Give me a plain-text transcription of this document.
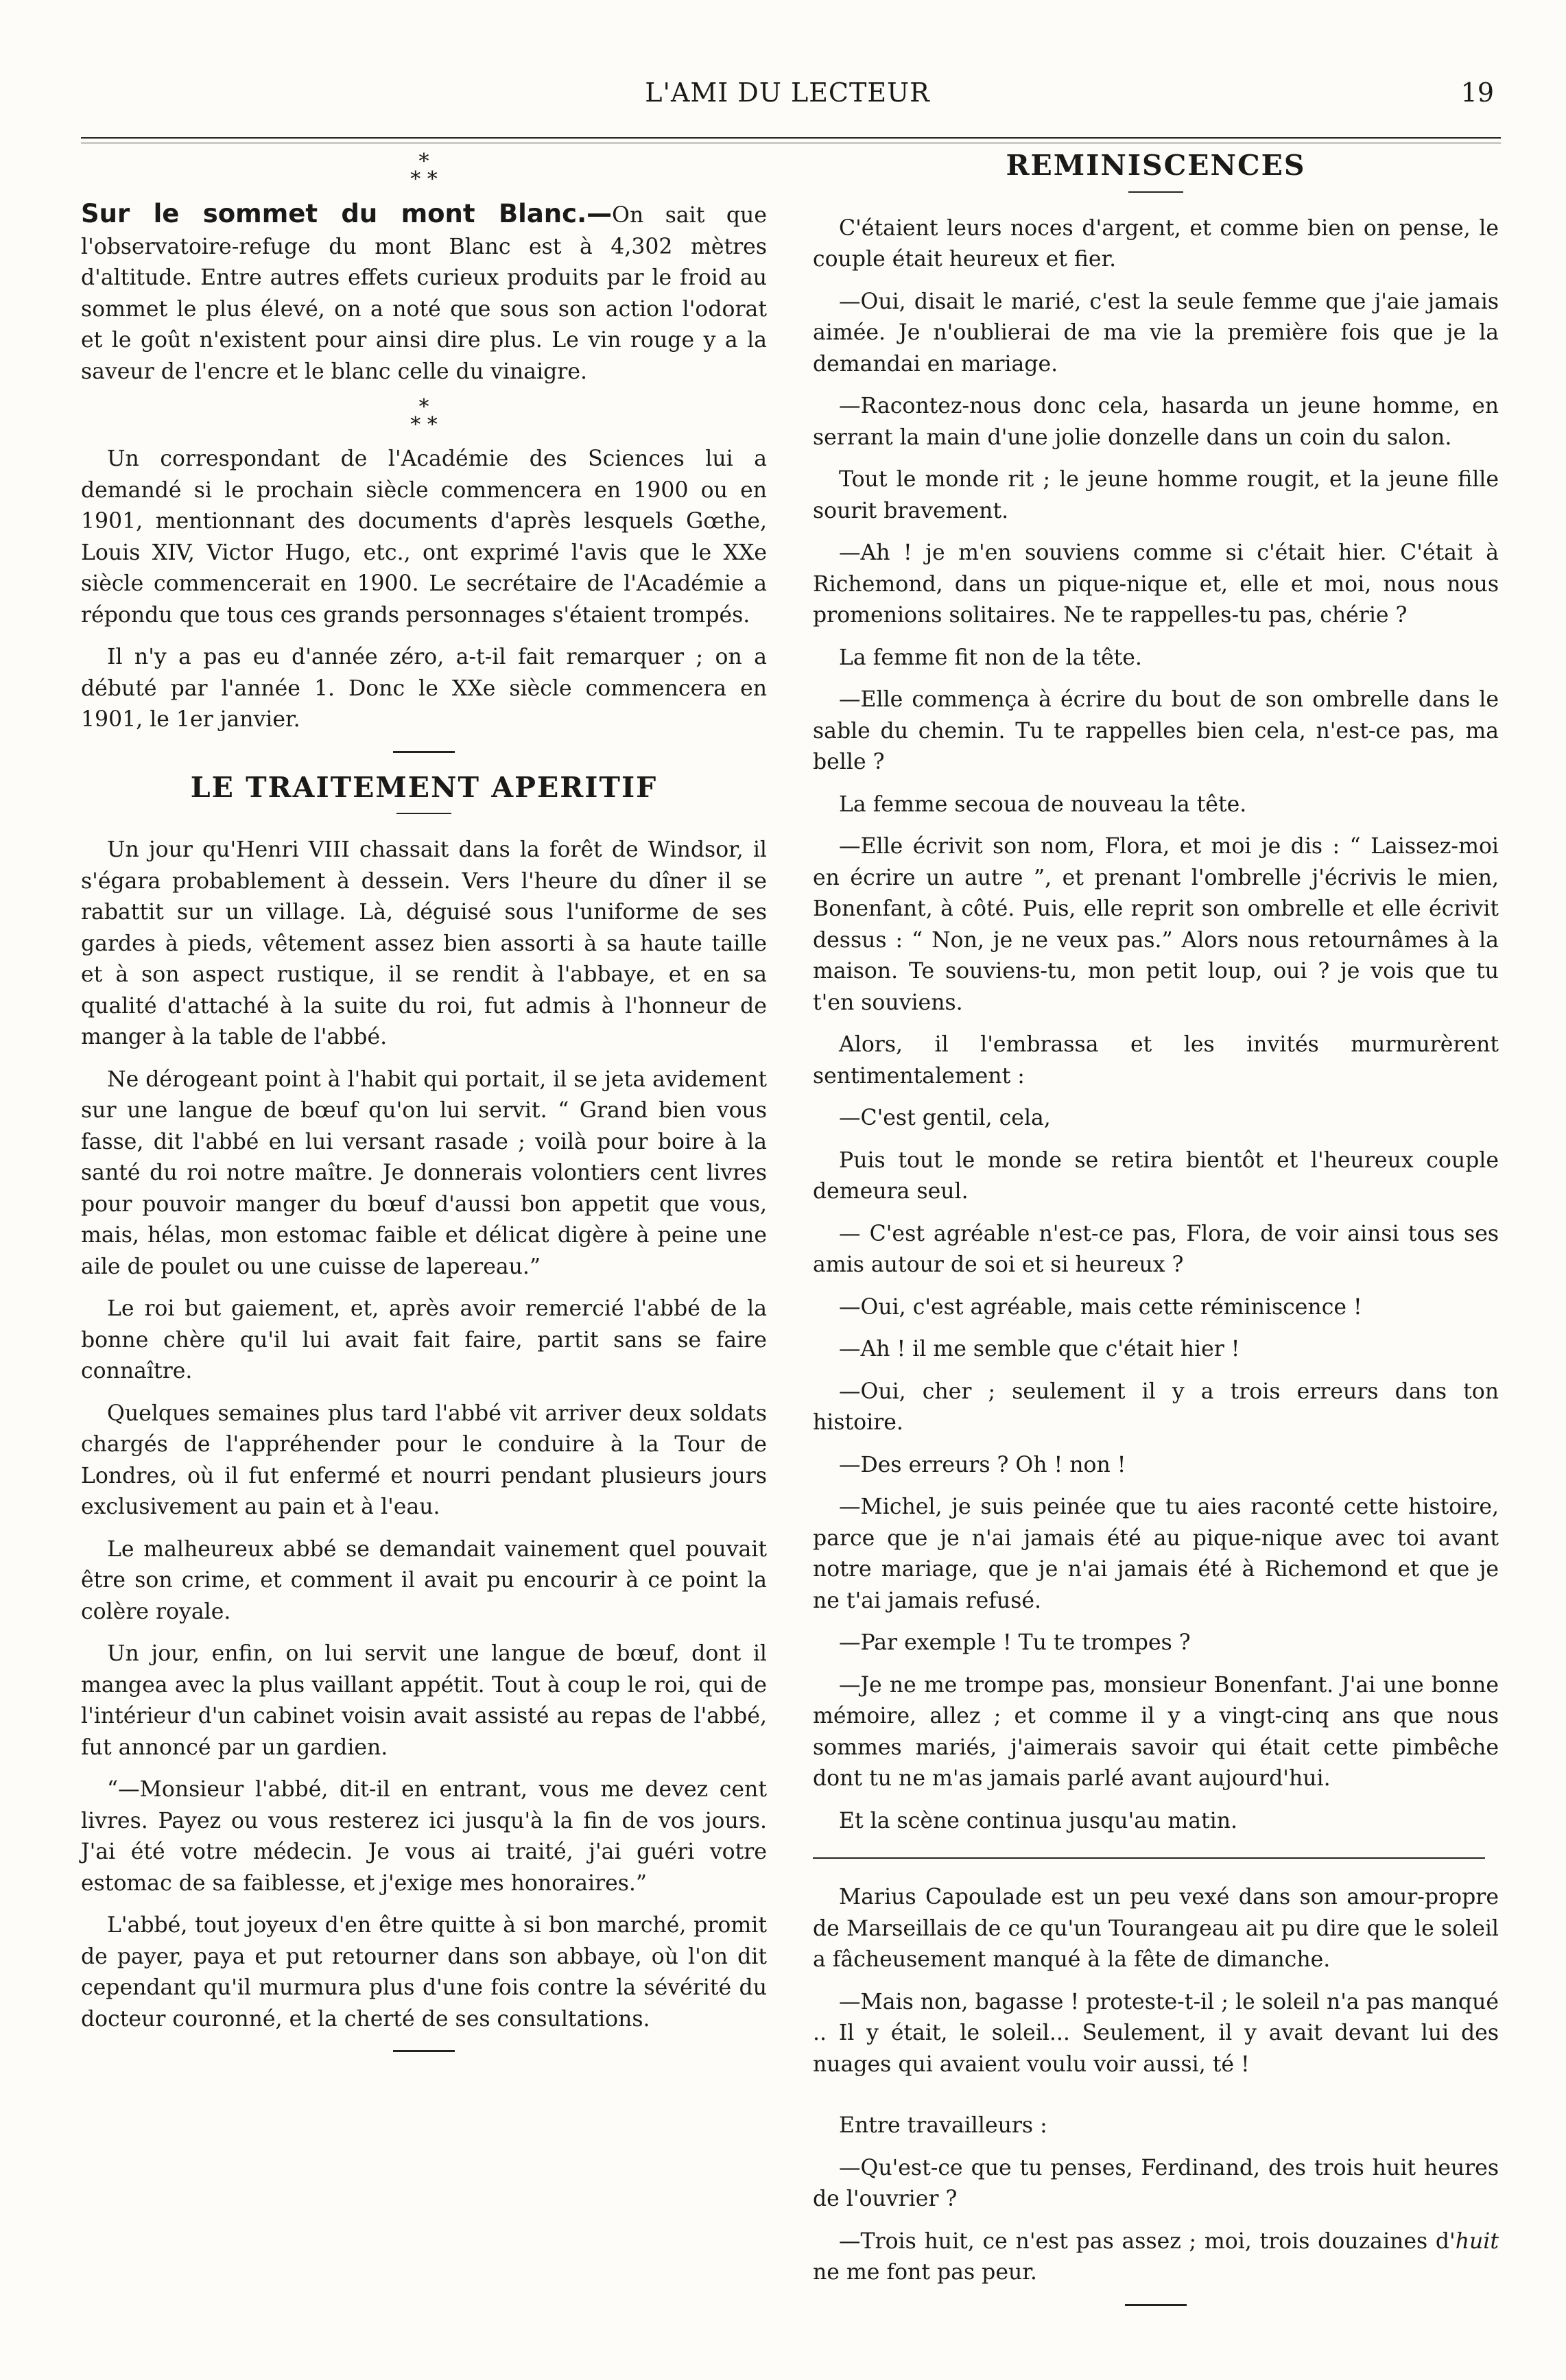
L'AMI DU LECTEUR	19
*
* *

Sur le sommet du mont Blanc.—On sait que l'observatoire-refuge du mont Blanc est à 4,302 mètres d'altitude. Entre autres effets curieux produits par le froid au sommet le plus élevé, on a noté que sous son action l'odorat et le goût n'existent pour ainsi dire plus. Le vin rouge y a la saveur de l'encre et le blanc celle du vinaigre.

*
* *

Un correspondant de l'Académie des Sciences lui a demandé si le prochain siècle commencera en 1900 ou en 1901, mentionnant des documents d'après lesquels Gœthe, Louis XIV, Victor Hugo, etc., ont exprimé l'avis que le XXe siècle commencerait en 1900. Le secrétaire de l'Académie a répondu que tous ces grands personnages s'étaient trompés.

Il n'y a pas eu d'année zéro, a-t-il fait remarquer ; on a débuté par l'année 1. Donc le XXe siècle commencera en 1901, le 1er janvier.

LE TRAITEMENT APERITIF

Un jour qu'Henri VIII chassait dans la forêt de Windsor, il s'égara probablement à dessein. Vers l'heure du dîner il se rabattit sur un village. Là, déguisé sous l'uniforme de ses gardes à pieds, vêtement assez bien assorti à sa haute taille et à son aspect rustique, il se rendit à l'abbaye, et en sa qualité d'attaché à la suite du roi, fut admis à l'honneur de manger à la table de l'abbé.

Ne dérogeant point à l'habit qui portait, il se jeta avidement sur une langue de bœuf qu'on lui servit. “ Grand bien vous fasse, dit l'abbé en lui versant rasade ; voilà pour boire à la santé du roi notre maître. Je donnerais volontiers cent livres pour pouvoir manger du bœuf d'aussi bon appetit que vous, mais, hélas, mon estomac faible et délicat digère à peine une aile de poulet ou une cuisse de lapereau.”

Le roi but gaiement, et, après avoir remercié l'abbé de la bonne chère qu'il lui avait fait faire, partit sans se faire connaître.

Quelques semaines plus tard l'abbé vit arriver deux soldats chargés de l'appréhender pour le conduire à la Tour de Londres, où il fut enfermé et nourri pendant plusieurs jours exclusivement au pain et à l'eau.

Le malheureux abbé se demandait vainement quel pouvait être son crime, et comment il avait pu encourir à ce point la colère royale.

Un jour, enfin, on lui servit une langue de bœuf, dont il mangea avec la plus vaillant appétit. Tout à coup le roi, qui de l'intérieur d'un cabinet voisin avait assisté au repas de l'abbé, fut annoncé par un gardien.

“—Monsieur l'abbé, dit-il en entrant, vous me devez cent livres. Payez ou vous resterez ici jusqu'à la fin de vos jours. J'ai été votre médecin. Je vous ai traité, j'ai guéri votre estomac de sa faiblesse, et j'exige mes honoraires.”

L'abbé, tout joyeux d'en être quitte à si bon marché, promit de payer, paya et put retourner dans son abbaye, où l'on dit cependant qu'il murmura plus d'une fois contre la sévérité du docteur couronné, et la cherté de ses consultations.

REMINISCENCES

C'étaient leurs noces d'argent, et comme bien on pense, le couple était heureux et fier.

—Oui, disait le marié, c'est la seule femme que j'aie jamais aimée. Je n'oublierai de ma vie la première fois que je la demandai en mariage.

—Racontez-nous donc cela, hasarda un jeune homme, en serrant la main d'une jolie donzelle dans un coin du salon.

Tout le monde rit ; le jeune homme rougit, et la jeune fille sourit bravement.

—Ah ! je m'en souviens comme si c'était hier. C'était à Richemond, dans un pique-nique et, elle et moi, nous nous promenions solitaires. Ne te rappelles-tu pas, chérie ?

La femme fit non de la tête.

—Elle commença à écrire du bout de son ombrelle dans le sable du chemin. Tu te rappelles bien cela, n'est-ce pas, ma belle ?

La femme secoua de nouveau la tête.

—Elle écrivit son nom, Flora, et moi je dis : “ Laissez-moi en écrire un autre ”, et prenant l'ombrelle j'écrivis le mien, Bonenfant, à côté. Puis, elle reprit son ombrelle et elle écrivit dessus : “ Non, je ne veux pas.” Alors nous retournâmes à la maison. Te souviens-tu, mon petit loup, oui ? je vois que tu t'en souviens.

Alors, il l'embrassa et les invités murmurèrent sentimentalement :

—C'est gentil, cela,

Puis tout le monde se retira bientôt et l'heureux couple demeura seul.

— C'est agréable n'est-ce pas, Flora, de voir ainsi tous ses amis autour de soi et si heureux ?

—Oui, c'est agréable, mais cette réminiscence !

—Ah ! il me semble que c'était hier !

—Oui, cher ; seulement il y a trois erreurs dans ton histoire.

—Des erreurs ? Oh ! non !

—Michel, je suis peinée que tu aies raconté cette histoire, parce que je n'ai jamais été au pique-nique avec toi avant notre mariage, que je n'ai jamais été à Richemond et que je ne t'ai jamais refusé.

—Par exemple ! Tu te trompes ?

—Je ne me trompe pas, monsieur Bonenfant. J'ai une bonne mémoire, allez ; et comme il y a vingt-cinq ans que nous sommes mariés, j'aimerais savoir qui était cette pimbêche dont tu ne m'as jamais parlé avant aujourd'hui.

Et la scène continua jusqu'au matin.

Marius Capoulade est un peu vexé dans son amour-propre de Marseillais de ce qu'un Tourangeau ait pu dire que le soleil a fâcheusement manqué à la fête de dimanche.

—Mais non, bagasse ! proteste-t-il ; le soleil n'a pas manqué .. Il y était, le soleil... Seulement, il y avait devant lui des nuages qui avaient voulu voir aussi, té !

Entre travailleurs :

—Qu'est-ce que tu penses, Ferdinand, des trois huit heures de l'ouvrier ?

—Trois huit, ce n'est pas assez ; moi, trois douzaines d'huit ne me font pas peur.
